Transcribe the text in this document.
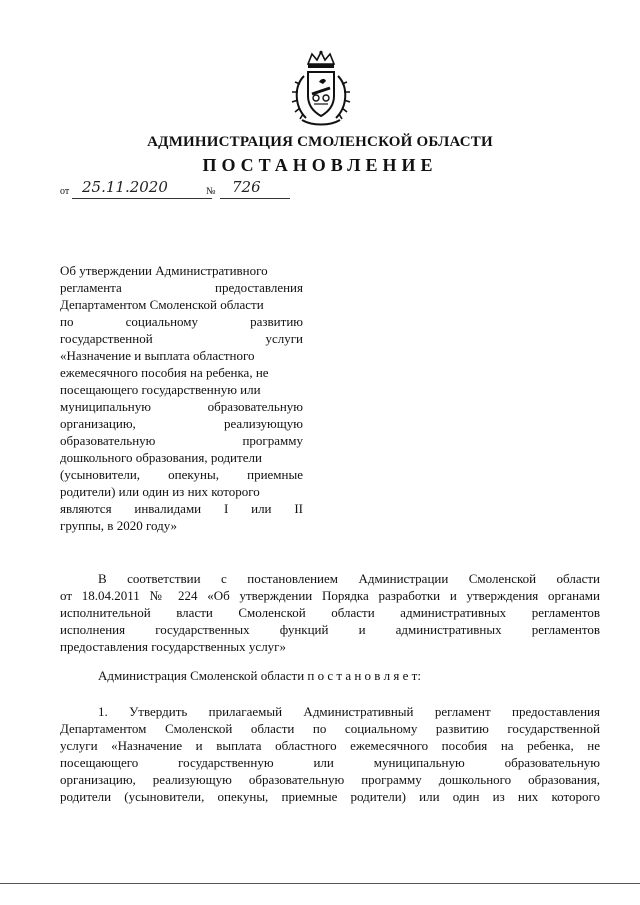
АДМИНИСТРАЦИЯ СМОЛЕНСКОЙ ОБЛАСТИ
ПОСТАНОВЛЕНИЕ
от 25.11.2020	№ 726
Об утверждении Административного
регламента предоставления
Департаментом Смоленской области
по социальному развитию
государственной услуги
«Назначение и выплата областного
ежемесячного пособия на ребенка, не
посещающего государственную или
муниципальную образовательную
организацию, реализующую
образовательную программу
дошкольного образования, родители
(усыновители, опекуны, приемные
родители) или один из них которого
являются инвалидами I или II
группы, в 2020 году»
В соответствии с постановлением Администрации Смоленской области
от 18.04.2011 № 224 «Об утверждении Порядка разработки и утверждения органами
исполнительной власти Смоленской области административных регламентов
исполнения государственных функций и административных регламентов
предоставления государственных услуг»
Администрация Смоленской области п о с т а н о в л я е т:
1. Утвердить прилагаемый Административный регламент предоставления
Департаментом Смоленской области по социальному развитию государственной
услуги «Назначение и выплата областного ежемесячного пособия на ребенка, не
посещающего государственную или муниципальную образовательную
организацию, реализующую образовательную программу дошкольного образования,
родители (усыновители, опекуны, приемные родители) или один из них которого
